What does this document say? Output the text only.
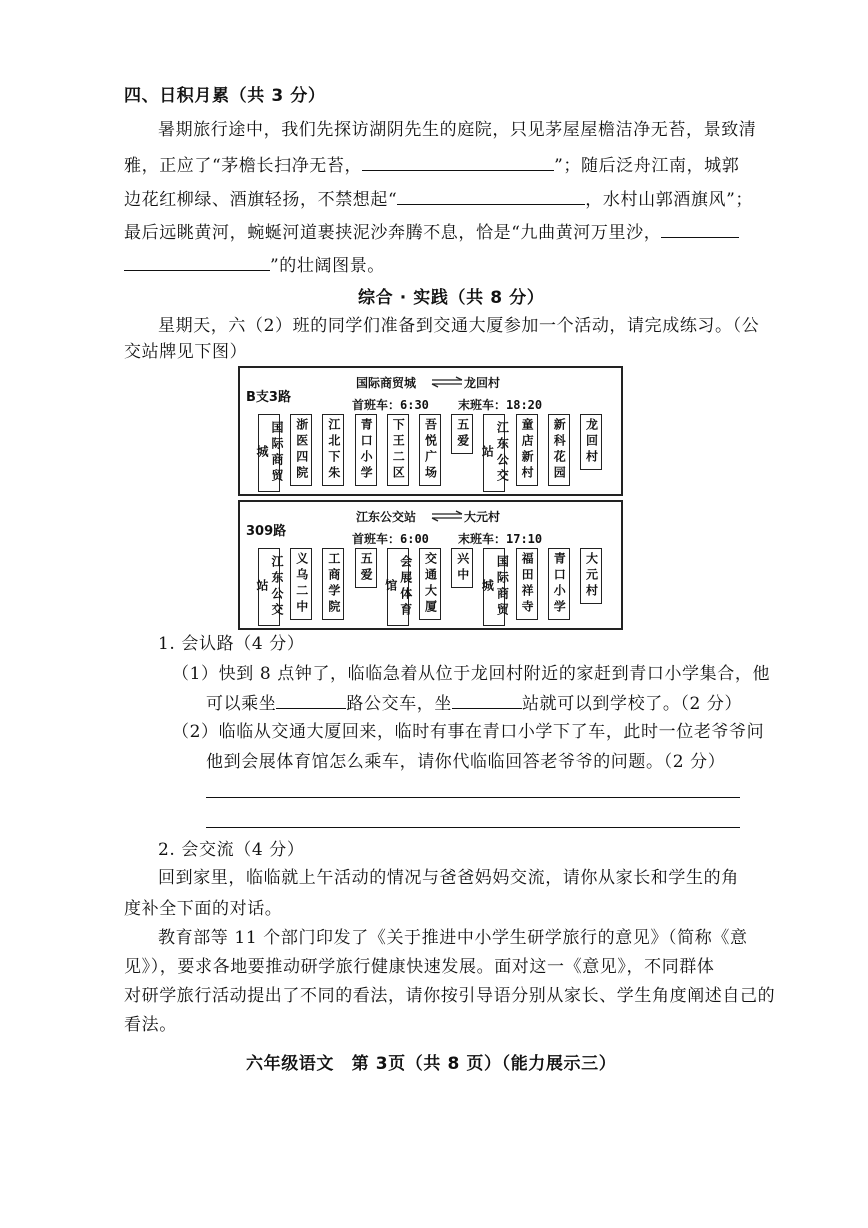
四、日积月累（共 3 分）
暑期旅行途中，我们先探访湖阴先生的庭院，只见茅屋屋檐洁净无苔，景致清
雅，正应了“茅檐长扫净无苔，	”；随后泛舟江南，城郭
边花红柳绿、酒旗轻扬，不禁想起“	，水村山郭酒旗风”；
最后远眺黄河，蜿蜒河道裹挟泥沙奔腾不息，恰是“九曲黄河万里沙，
”的壮阔图景。
综合 · 实践（共 8 分）
星期天，六（2）班的同学们准备到交通大厦参加一个活动，请完成练习。（公
交站牌见下图）
B支3路
国际商贸城	龙回村
首班车：6:30 末班车：18:20
国际商贸城	浙医四院	江北下朱	青口小学	下王二区	吾悦广场	五爱	江东公交站	童店新村	新科花园	龙回村
309路
江东公交站	大元村
首班车：6:00 末班车：17:10
江东公交站	义乌二中	工商学院	五爱	会展体育馆	交通大厦	兴中	国际商贸城	福田祥寺	青口小学	大元村
1. 会认路（4 分）
（1）快到 8 点钟了，临临急着从位于龙回村附近的家赶到青口小学集合，他
可以乘坐	路公交车，坐	站就可以到学校了。（2 分）
（2）临临从交通大厦回来，临时有事在青口小学下了车，此时一位老爷爷问
他到会展体育馆怎么乘车，请你代临临回答老爷爷的问题。（2 分）
2. 会交流（4 分）
回到家里，临临就上午活动的情况与爸爸妈妈交流，请你从家长和学生的角
度补全下面的对话。
教育部等 11 个部门印发了《关于推进中小学生研学旅行的意见》（简称《意
见》），要求各地要推动研学旅行健康快速发展。面对这一《意见》，不同群体
对研学旅行活动提出了不同的看法，请你按引导语分别从家长、学生角度阐述自己的
看法。
六年级语文　第 3页（共 8 页）（能力展示三）
